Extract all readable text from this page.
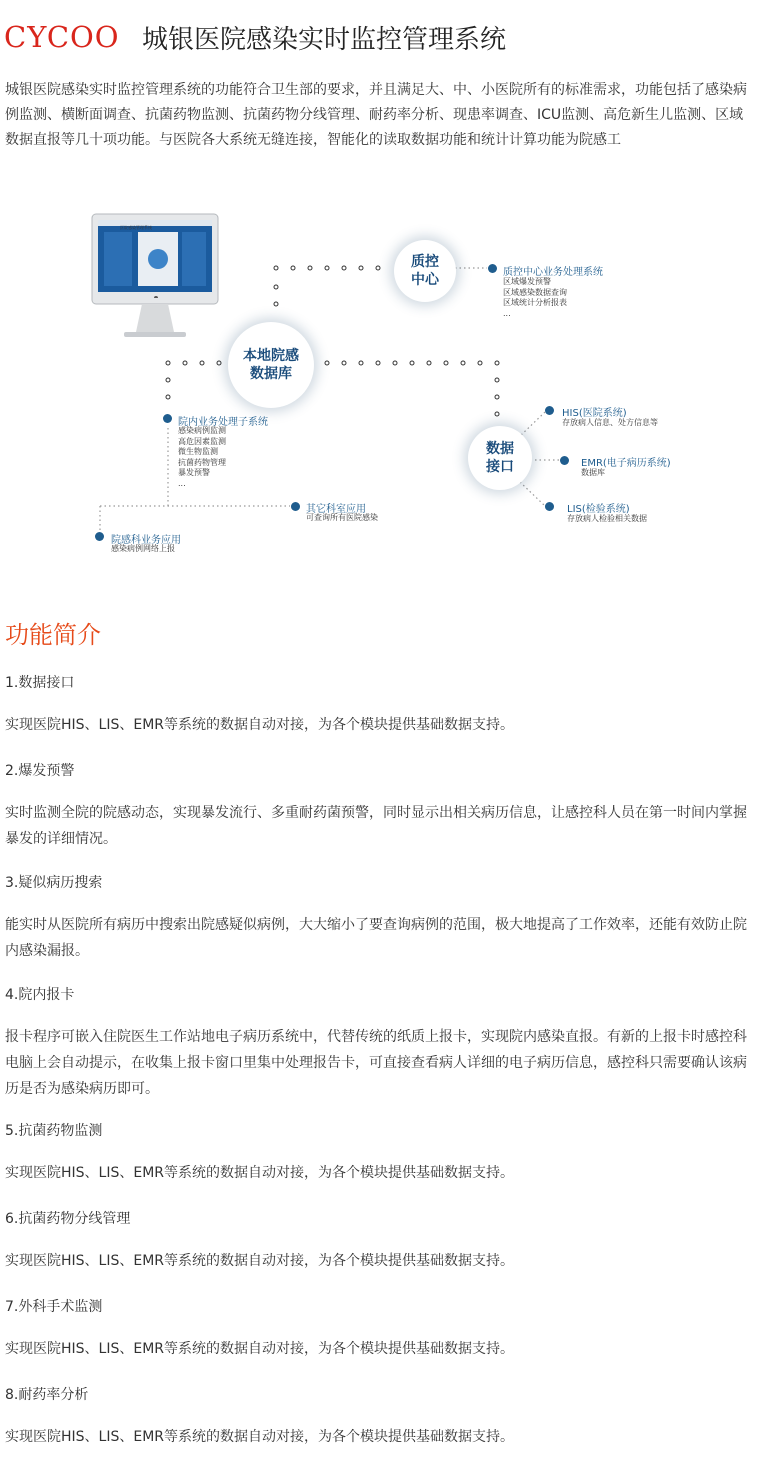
CYCOO 城银医院感染实时监控管理系统
城银医院感染实时监控管理系统的功能符合卫生部的要求，并且满足大、中、小医院所有的标准需求，功能包括了感染病例监测、横断面调查、抗菌药物监测、抗菌药物分线管理、耐药率分析、现患率调查、ICU监测、高危新生儿监测、区域数据直报等几十项功能。与医院各大系统无缝连接，智能化的读取数据功能和统计计算功能为院感工
医院感染管理系统
质控
中心
本地院感
数据库
数据
接口
质控中心业务处理系统
区域爆发预警
区域感染数据查询
区域统计分析报表
...
院内业务处理子系统
感染病例监测
高危因素监测
微生物监测
抗菌药物管理
暴发预警
...
其它科室应用
可查询所有医院感染
院感科业务应用
感染病例网络上报
HIS(医院系统)
存放病人信息、处方信息等
EMR(电子病历系统)
数据库
LIS(检验系统)
存放病人检验相关数据
功能简介
1.数据接口
实现医院HIS、LIS、EMR等系统的数据自动对接，为各个模块提供基础数据支持。
2.爆发预警
实时监测全院的院感动态，实现暴发流行、多重耐药菌预警，同时显示出相关病历信息，让感控科人员在第一时间内掌握暴发的详细情况。
3.疑似病历搜索
能实时从医院所有病历中搜索出院感疑似病例，大大缩小了要查询病例的范围，极大地提高了工作效率，还能有效防止院内感染漏报。
4.院内报卡
报卡程序可嵌入住院医生工作站地电子病历系统中，代替传统的纸质上报卡，实现院内感染直报。有新的上报卡时感控科电脑上会自动提示，在收集上报卡窗口里集中处理报告卡，可直接查看病人详细的电子病历信息，感控科只需要确认该病历是否为感染病历即可。
5.抗菌药物监测
实现医院HIS、LIS、EMR等系统的数据自动对接，为各个模块提供基础数据支持。
6.抗菌药物分线管理
实现医院HIS、LIS、EMR等系统的数据自动对接，为各个模块提供基础数据支持。
7.外科手术监测
实现医院HIS、LIS、EMR等系统的数据自动对接，为各个模块提供基础数据支持。
8.耐药率分析
实现医院HIS、LIS、EMR等系统的数据自动对接，为各个模块提供基础数据支持。
